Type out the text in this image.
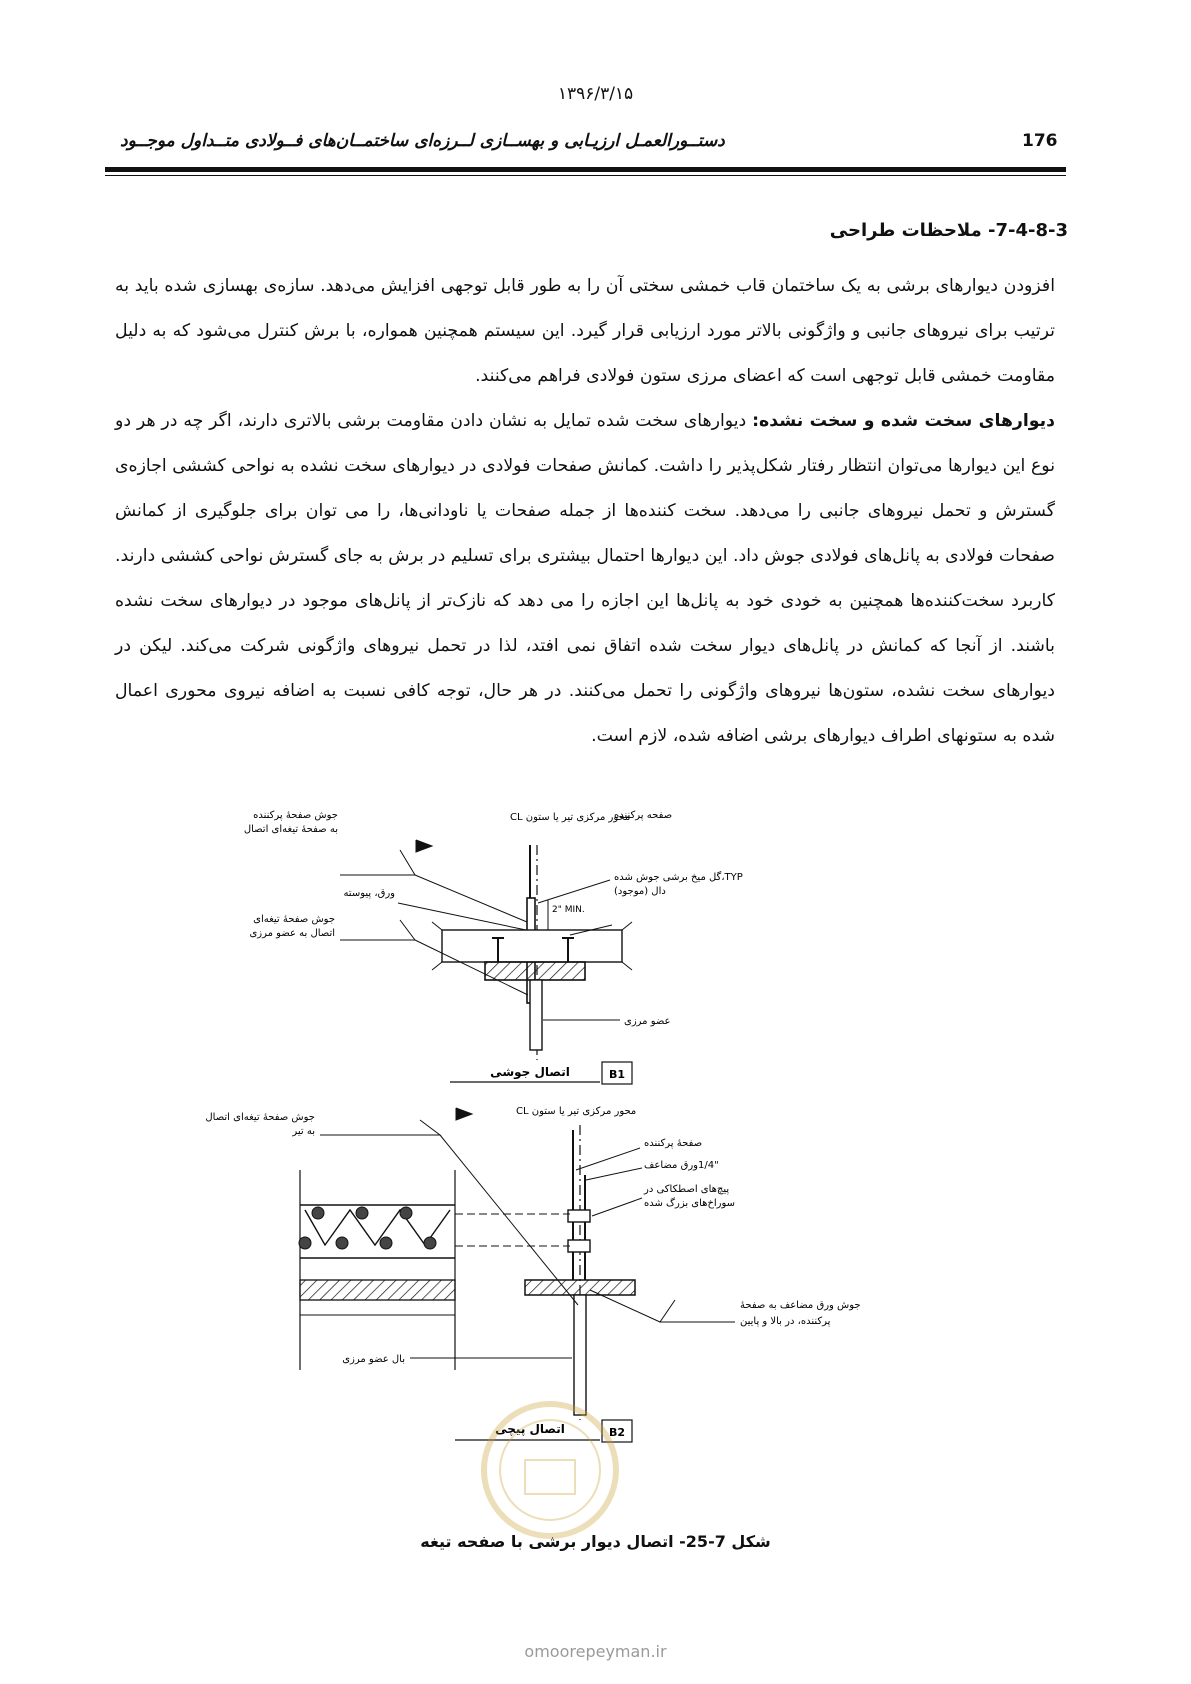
۱۳۹۶/۳/۱۵
دستــورالعمـل ارزیـابی و بهســازی لــرزه‌ای ساختمــان‌های فــولادی متــداول موجــود	176
7-4-8-3- ملاحظات طراحی
افزودن دیوارهای برشی به یک ساختمان قاب خمشی سختی آن را به طور قابل توجهی افزایش می‌دهد. سازه‌ی بهسازی شده باید به ترتیب برای نیروهای جانبی و واژگونی بالاتر مورد ارزیابی قرار گیرد. این سیستم همچنین همواره، با برش کنترل می‌شود که به دلیل مقاومت خمشی قابل توجهی است که اعضای مرزی ستون فولادی فراهم می‌کنند.
دیوارهای سخت شده و سخت نشده: دیوارهای سخت شده تمایل به نشان دادن مقاومت برشی بالاتری دارند، اگر چه در هر دو نوع این دیوارها می‌توان انتظار رفتار شکل‌پذیر را داشت. کمانش صفحات فولادی در دیوارهای سخت نشده به نواحی کششی اجازه‌ی گسترش و تحمل نیروهای جانبی را می‌دهد. سخت کننده‌ها از جمله صفحات یا ناودانی‌ها، را می توان برای جلوگیری از کمانش صفحات فولادی به پانل‌های فولادی جوش داد. این دیوارها احتمال بیشتری برای تسلیم در برش به جای گسترش نواحی کششی دارند. کاربرد سخت‌کننده‌ها همچنین به خودی خود به پانل‌ها این اجازه را می دهد که نازک‌تر از پانل‌های موجود در دیوارهای سخت نشده باشند. از آنجا که کمانش در پانل‌های دیوار سخت شده اتفاق نمی افتد، لذا در تحمل نیروهای واژگونی شرکت می‌کند. لیکن در دیوارهای سخت نشده، ستون‌ها نیروهای واژگونی را تحمل می‌کنند. در هر حال، توجه کافی نسبت به اضافه نیروی محوری اعمال شده به ستونهای اطراف دیوارهای برشی اضافه شده، لازم است.
2" MIN.
جوش صفحهٔ پرکننده
به صفحهٔ تیغه‌ای اتصال
ورق، پیوسته
جوش صفحهٔ تیغه‌ای
اتصال به عضو مرزی
CL محور مرکزی تیر یا ستون
صفحه پرکننده
گل میخ برشی جوش شده،TYP
دال (موجود)
عضو مرزی
اتصال جوشی	B1
جوش صفحهٔ تیغه‌ای اتصال
به تیر
CL محور مرکزی تیر یا ستون
صفحهٔ پرکننده
ورق مضاعف 1/4"
پیچ‌های اصطکاکی در
سوراخ‌های بزرگ شده
جوش ورق مضاعف به صفحهٔ
پرکننده، در بالا و پایین
بال عضو مرزی
اتصال پیچی	B2
شکل 7-25- اتصال دیوار برشی با صفحه تیغه
omoorepeyman.ir
